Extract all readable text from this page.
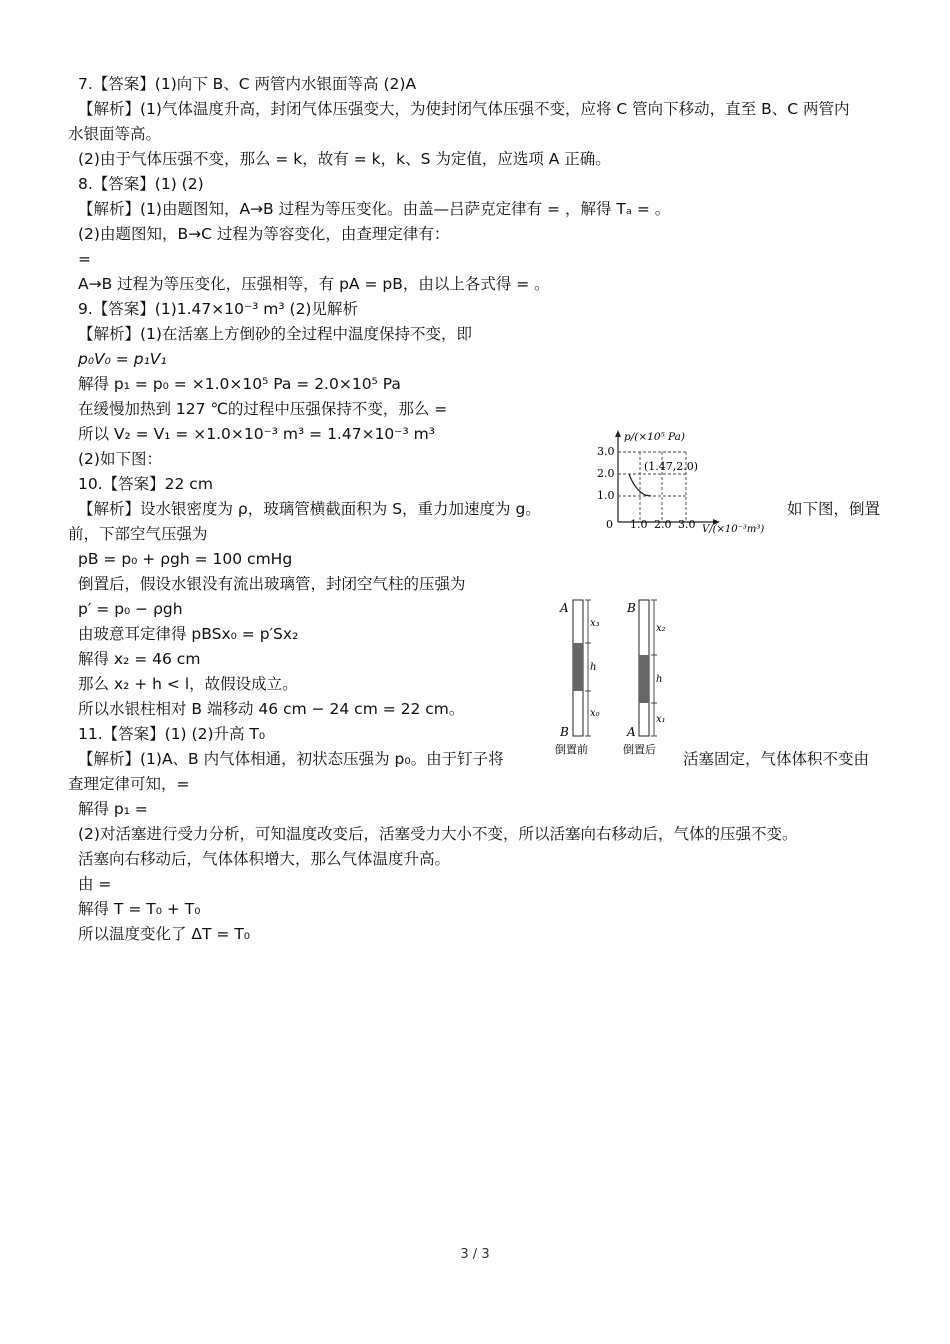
7.【答案】(1)向下 B、C 两管内水银面等高 (2)A
【解析】(1)气体温度升高，封闭气体压强变大，为使封闭气体压强不变，应将 C 管向下移动，直至 B、C 两管内
水银面等高。
(2)由于气体压强不变，那么 = k，故有 = k，k、S 为定值，应选项 A 正确。
8.【答案】(1) (2)
【解析】(1)由题图知，A→B 过程为等压变化。由盖—吕萨克定律有 = ，解得 Tₐ = 。
(2)由题图知，B→C 过程为等容变化，由查理定律有：
=
A→B 过程为等压变化，压强相等，有 pA = pB，由以上各式得 = 。
9.【答案】(1)1.47×10⁻³ m³ (2)见解析
【解析】(1)在活塞上方倒砂的全过程中温度保持不变，即
p₀V₀ = p₁V₁
解得 p₁ = p₀ = ×1.0×10⁵ Pa = 2.0×10⁵ Pa
在缓慢加热到 127 ℃的过程中压强保持不变，那么 =
所以 V₂ = V₁ = ×1.0×10⁻³ m³ = 1.47×10⁻³ m³
(2)如下图：
10.【答案】22 cm
【解析】设水银密度为 ρ，玻璃管横截面积为 S，重力加速度为 g。	如下图，倒置
前，下部空气压强为
pB = p₀ + ρgh = 100 cmHg
倒置后，假设水银没有流出玻璃管，封闭空气柱的压强为
p′ = p₀ − ρgh
由玻意耳定律得 pBSx₀ = p′Sx₂
解得 x₂ = 46 cm
那么 x₂ + h < l，故假设成立。
所以水银柱相对 B 端移动 46 cm − 24 cm = 22 cm。
11.【答案】(1) (2)升高 T₀
【解析】(1)A、B 内气体相通，初状态压强为 p₀。由于钉子将	活塞固定，气体体积不变由
查理定律可知，=
解得 p₁ =
(2)对活塞进行受力分析，可知温度改变后，活塞受力大小不变，所以活塞向右移动后，气体的压强不变。
活塞向右移动后，气体体积增大，那么气体温度升高。
由 =
解得 T = T₀ + T₀
所以温度变化了 ΔT = T₀
p/(×10⁵ Pa)
V/(×10⁻³m³)
0
3.0
2.0
1.0
1.0 2.0 3.0
(1.47,2.0)
A
B
x₃
h
x₀
倒置前
B
A
x₂
h
x₁
倒置后
3 / 3
